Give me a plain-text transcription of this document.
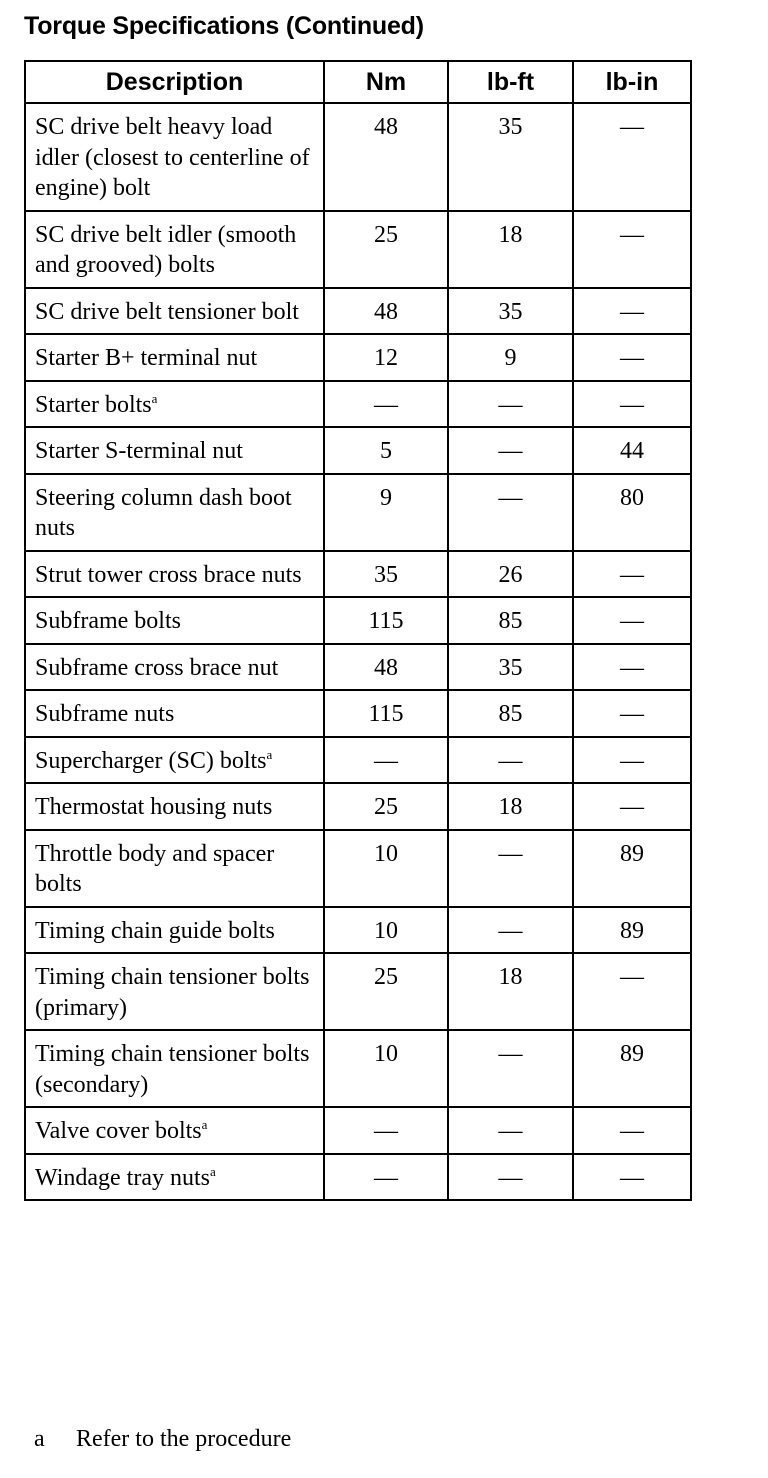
Torque Specifications (Continued)
Description	Nm	lb-ft	lb-in
SC drive belt heavy load idler (closest to centerline of engine) bolt	48	35	—
SC drive belt idler (smooth and grooved) bolts	25	18	—
SC drive belt tensioner bolt	48	35	—
Starter B+ terminal nut	12	9	—
Starter bolts$^a$	—	—	—
Starter S-terminal nut	5	—	44
Steering column dash boot nuts	9	—	80
Strut tower cross brace nuts	35	26	—
Subframe bolts	115	85	—
Subframe cross brace nut	48	35	—
Subframe nuts	115	85	—
Supercharger (SC) bolts$^a$	—	—	—
Thermostat housing nuts	25	18	—
Throttle body and spacer bolts	10	—	89
Timing chain guide bolts	10	—	89
Timing chain tensioner bolts (primary)	25	18	—
Timing chain tensioner bolts (secondary)	10	—	89
Valve cover bolts$^a$	—	—	—
Windage tray nuts$^a$	—	—	—
a Refer to the procedure
